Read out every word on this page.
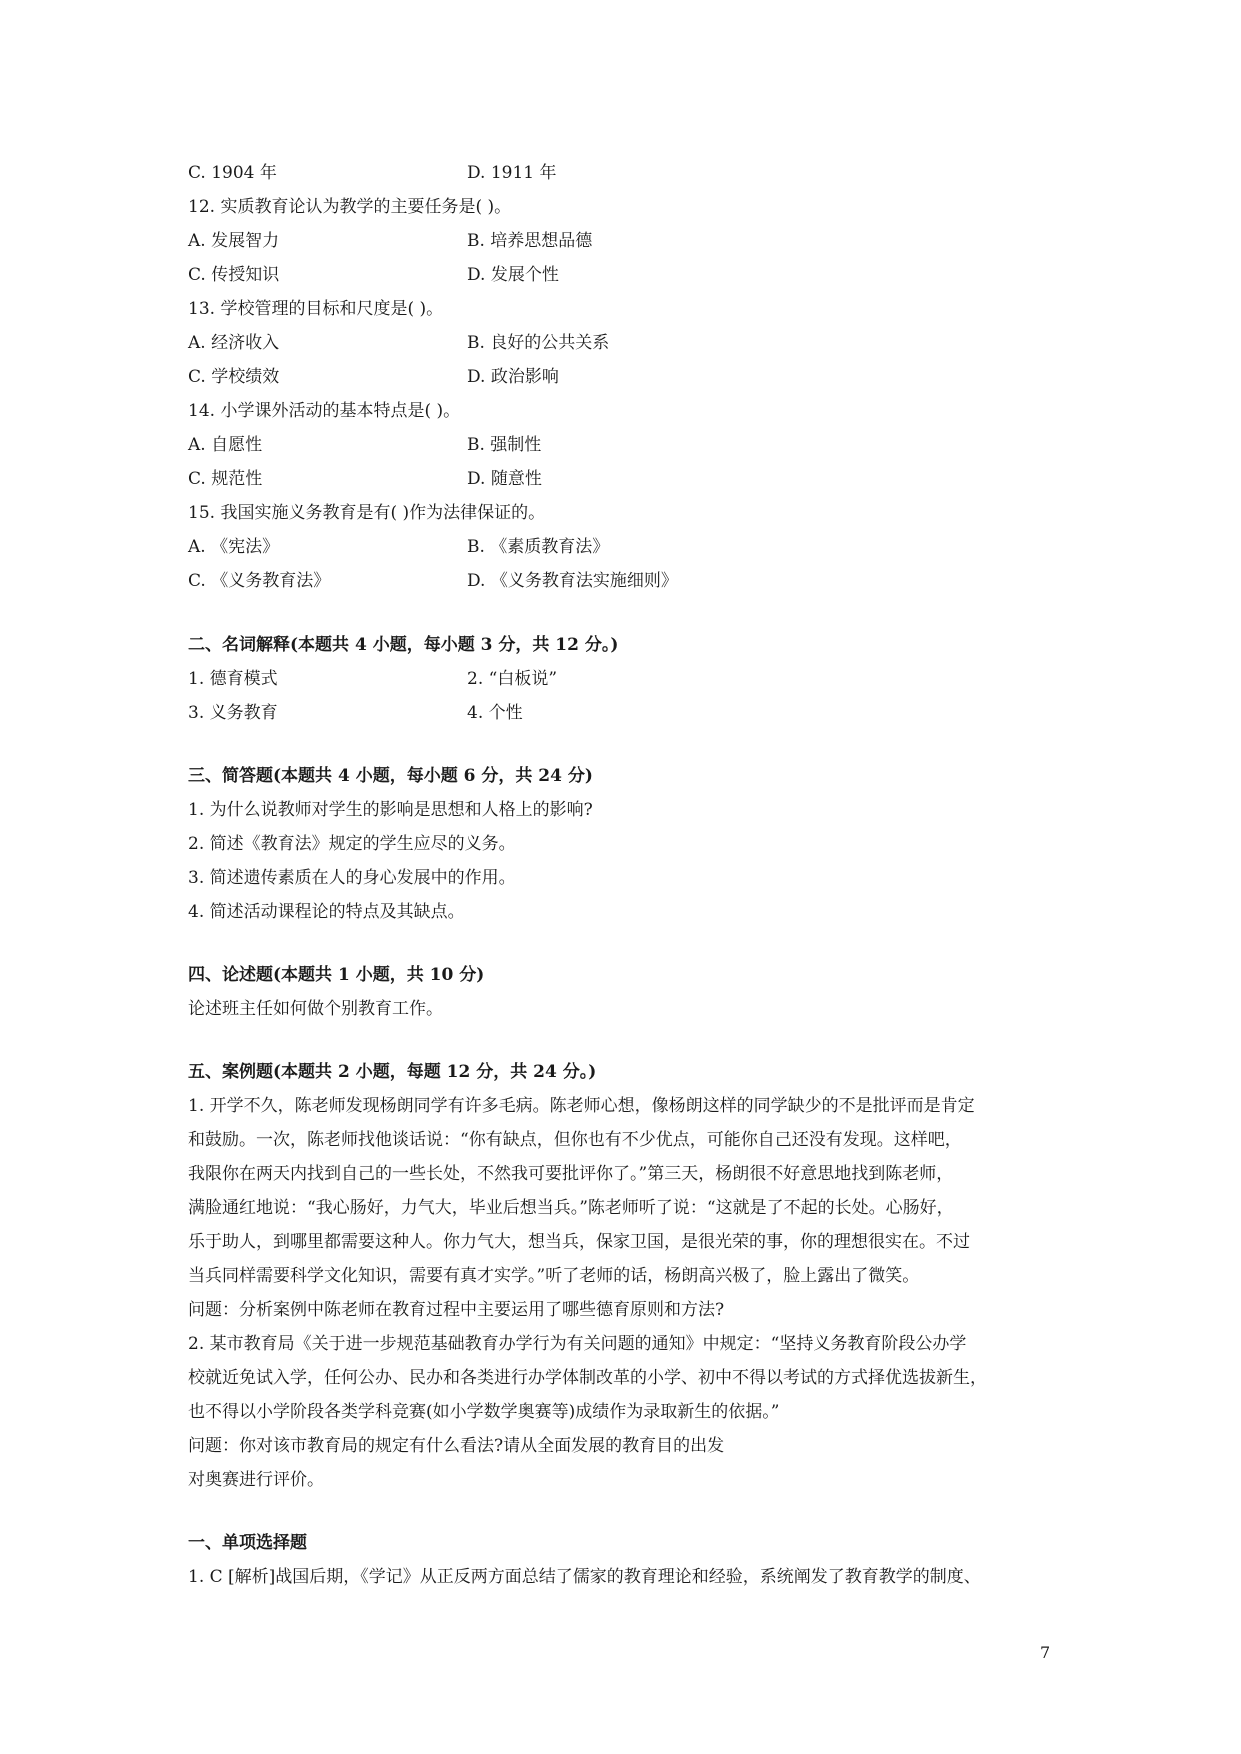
C. 1904 年	D. 1911 年
12. 实质教育论认为教学的主要任务是( )。
A. 发展智力	B. 培养思想品德
C. 传授知识	D. 发展个性
13. 学校管理的目标和尺度是( )。
A. 经济收入	B. 良好的公共关系
C. 学校绩效	D. 政治影响
14. 小学课外活动的基本特点是( )。
A. 自愿性	B. 强制性
C. 规范性	D. 随意性
15. 我国实施义务教育是有( )作为法律保证的。
A. 《宪法》	B. 《素质教育法》
C. 《义务教育法》	D. 《义务教育法实施细则》
二、名词解释(本题共 4 小题，每小题 3 分，共 12 分。)
1. 德育模式	2. “白板说”
3. 义务教育	4. 个性
三、简答题(本题共 4 小题，每小题 6 分，共 24 分)
1. 为什么说教师对学生的影响是思想和人格上的影响?
2. 简述《教育法》规定的学生应尽的义务。
3. 简述遗传素质在人的身心发展中的作用。
4. 简述活动课程论的特点及其缺点。
四、论述题(本题共 1 小题，共 10 分)
论述班主任如何做个别教育工作。
五、案例题(本题共 2 小题，每题 12 分，共 24 分。)
1. 开学不久，陈老师发现杨朗同学有许多毛病。陈老师心想，像杨朗这样的同学缺少的不是批评而是肯定
和鼓励。一次，陈老师找他谈话说：“你有缺点，但你也有不少优点，可能你自己还没有发现。这样吧，
我限你在两天内找到自己的一些长处，不然我可要批评你了。”第三天，杨朗很不好意思地找到陈老师，
满脸通红地说：“我心肠好，力气大，毕业后想当兵。”陈老师听了说：“这就是了不起的长处。心肠好，
乐于助人，到哪里都需要这种人。你力气大，想当兵，保家卫国，是很光荣的事，你的理想很实在。不过
当兵同样需要科学文化知识，需要有真才实学。”听了老师的话，杨朗高兴极了，脸上露出了微笑。
问题：分析案例中陈老师在教育过程中主要运用了哪些德育原则和方法?
2. 某市教育局《关于进一步规范基础教育办学行为有关问题的通知》中规定：“坚持义务教育阶段公办学
校就近免试入学，任何公办、民办和各类进行办学体制改革的小学、初中不得以考试的方式择优选拔新生，
也不得以小学阶段各类学科竞赛(如小学数学奥赛等)成绩作为录取新生的依据。”
问题：你对该市教育局的规定有什么看法?请从全面发展的教育目的出发
对奥赛进行评价。
一、单项选择题
1. C [解析]战国后期，《学记》从正反两方面总结了儒家的教育理论和经验，系统阐发了教育教学的制度、
7
